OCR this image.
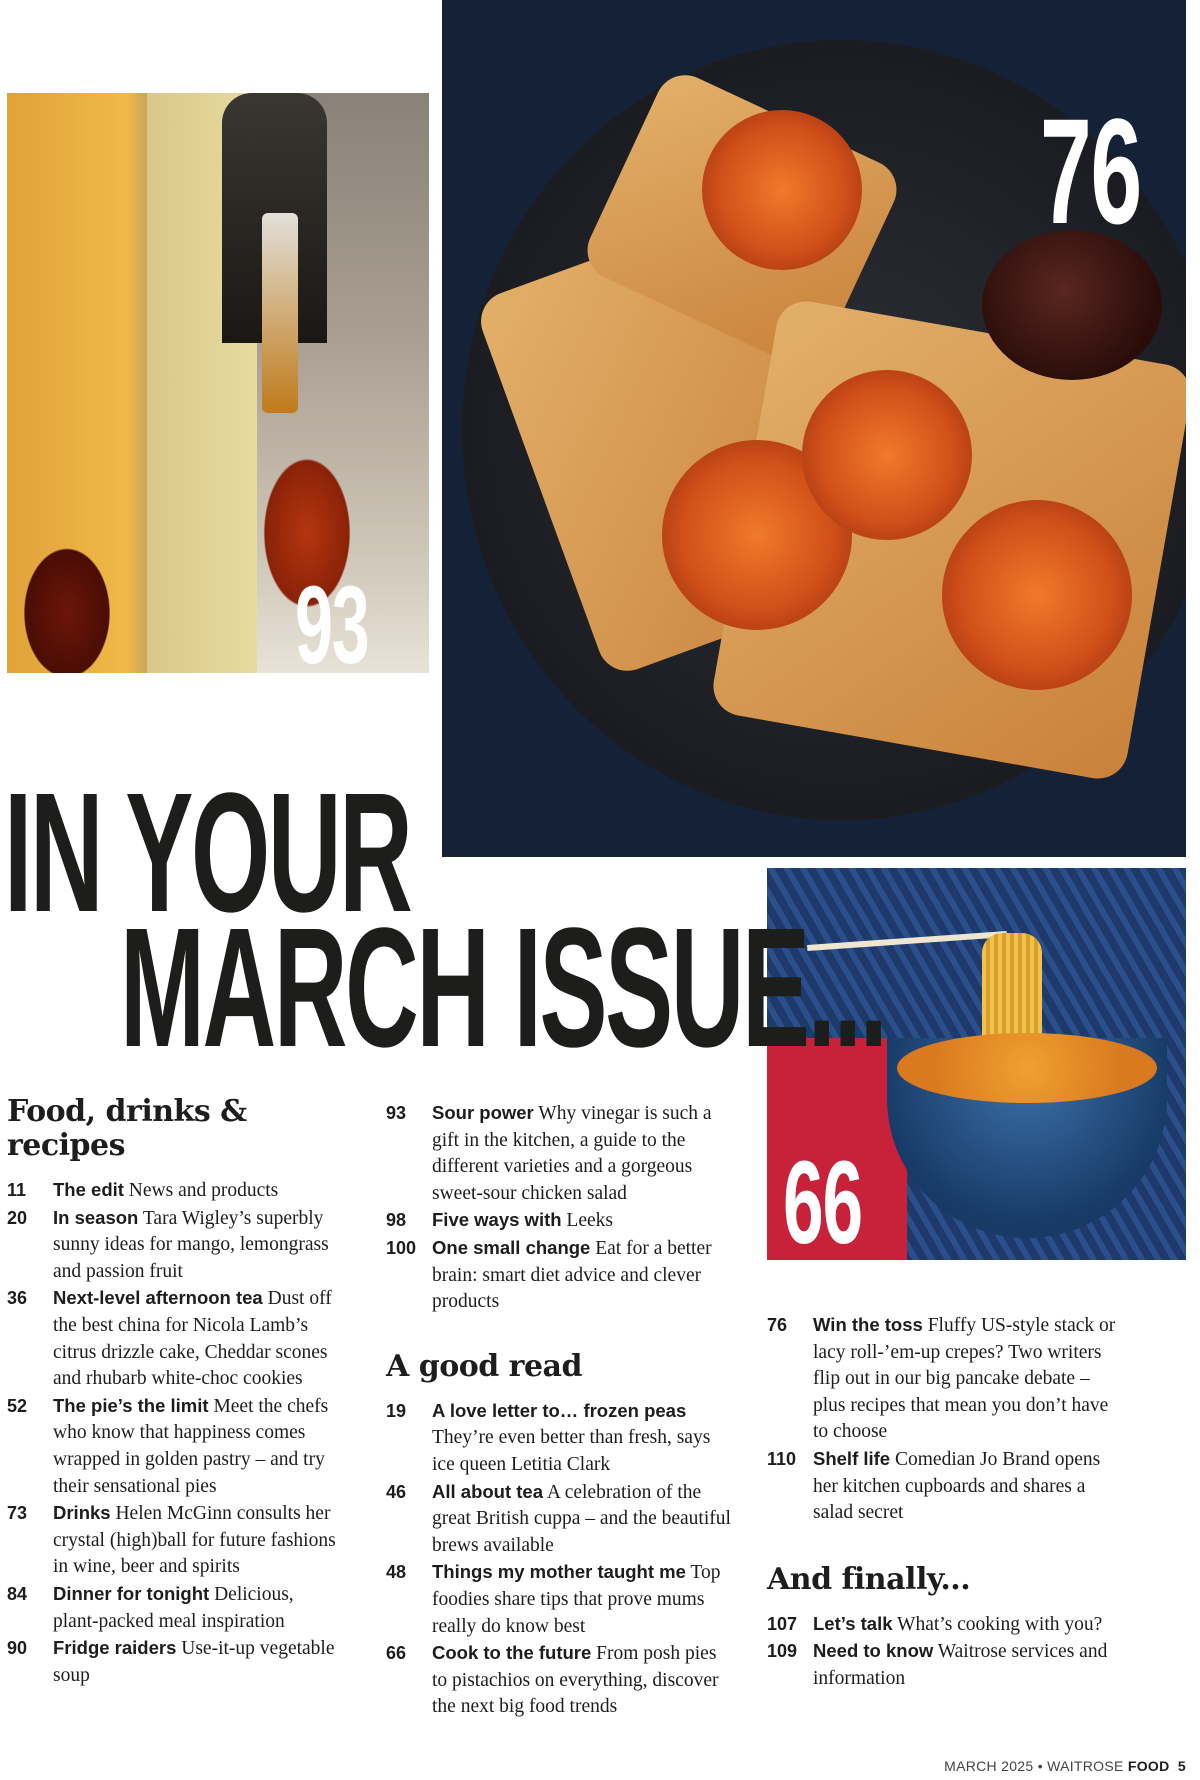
93
76
66
IN YOUR
MARCH ISSUE...
Food, drinks & recipes
11	The edit News and products
20	In season Tara Wigley’s superbly sunny ideas for mango, lemongrass and passion fruit
36	Next-level afternoon tea Dust off the best china for Nicola Lamb’s citrus drizzle cake, Cheddar scones and rhubarb white-choc cookies
52	The pie’s the limit Meet the chefs who know that happiness comes wrapped in golden pastry – and try their sensational pies
73	Drinks Helen McGinn consults her crystal (high)ball for future fashions in wine, beer and spirits
84	Dinner for tonight Delicious, plant-packed meal inspiration
90	Fridge raiders Use-it-up vegetable soup
93	Sour power Why vinegar is such a gift in the kitchen, a guide to the different varieties and a gorgeous sweet-sour chicken salad
98	Five ways with Leeks
100 One small change Eat for a better brain: smart diet advice and clever products
A good read
19	A love letter to… frozen peas They’re even better than fresh, says ice queen Letitia Clark
46	All about tea A celebration of the great British cuppa – and the beautiful brews available
48	Things my mother taught me Top foodies share tips that prove mums really do know best
66	Cook to the future From posh pies to pistachios on everything, discover the next big food trends
76	Win the toss Fluffy US-style stack or lacy roll-’em-up crepes? Two writers flip out in our big pancake debate – plus recipes that mean you don’t have to choose
110 Shelf life Comedian Jo Brand opens her kitchen cupboards and shares a salad secret
And finally...
107 Let’s talk What’s cooking with you?
109 Need to know Waitrose services and information
MARCH 2025 • WAITROSE FOOD 5
